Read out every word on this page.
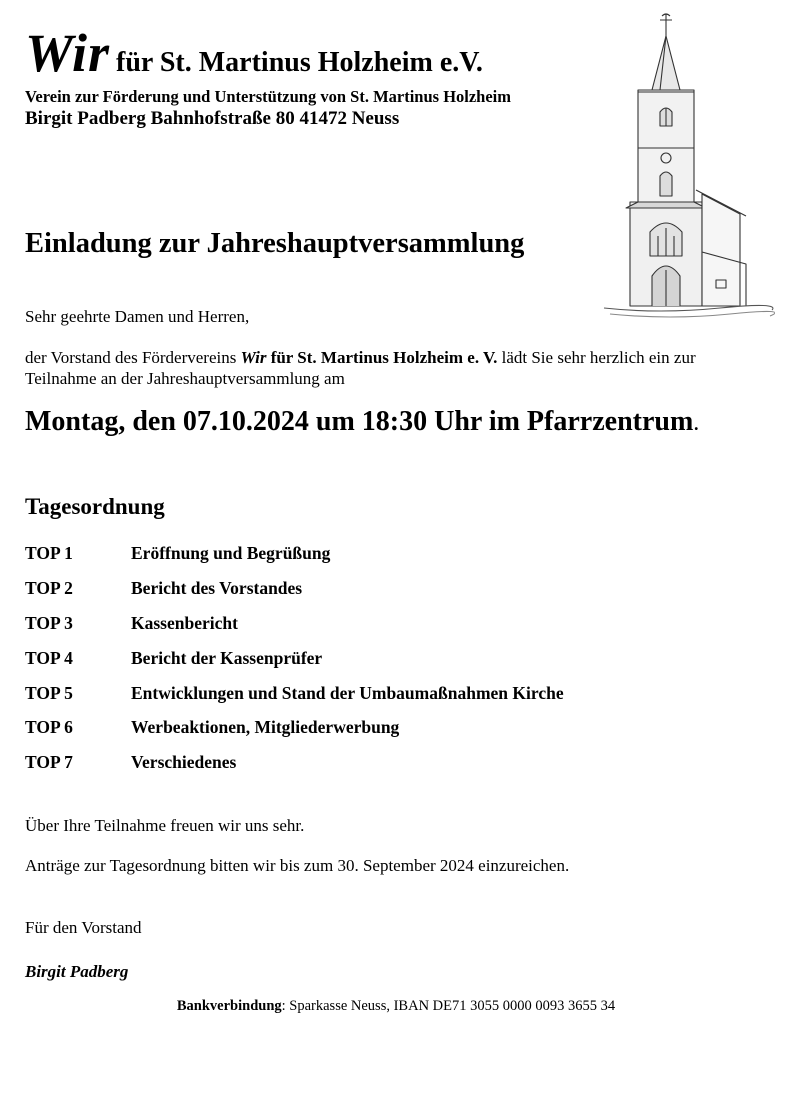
Wir für St. Martinus Holzheim e.V.
Verein zur Förderung und Unterstützung von St. Martinus Holzheim
Birgit Padberg Bahnhofstraße 80 41472 Neuss
Einladung zur Jahreshauptversammlung
Sehr geehrte Damen und Herren,
der Vorstand des Fördervereins Wir für St. Martinus Holzheim e. V. lädt Sie sehr herzlich ein zur Teilnahme an der Jahreshauptversammlung am
Montag, den 07.10.2024 um 18:30 Uhr im Pfarrzentrum.
Tagesordnung
TOP 1	Eröffnung und Begrüßung
TOP 2	Bericht des Vorstandes
TOP 3	Kassenbericht
TOP 4	Bericht der Kassenprüfer
TOP 5	Entwicklungen und Stand der Umbaumaßnahmen Kirche
TOP 6	Werbeaktionen, Mitgliederwerbung
TOP 7	Verschiedenes
Über Ihre Teilnahme freuen wir uns sehr.
Anträge zur Tagesordnung bitten wir bis zum 30. September 2024 einzureichen.
Für den Vorstand
Birgit Padberg
Bankverbindung: Sparkasse Neuss, IBAN DE71 3055 0000 0093 3655 34
